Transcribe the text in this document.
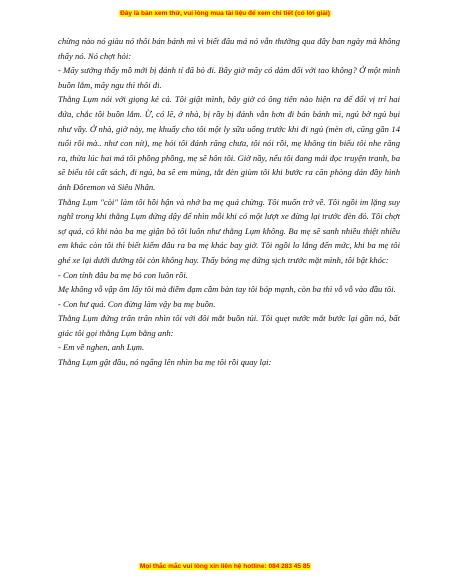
Đây là bản xem thử, vui lòng mua tài liệu để xem chi tiết (có lời giải)

chừng nào nó giàu nó thôi bán bánh mì vì biết đâu má nó vẫn thường qua đây ban ngày mà không thấy nó. Nó chợt hỏi:

- Mãy sướng thấy mồ mới bị đánh tí đã bỏ đi. Bây giờ mãy có dám đối với tao không? Ở một mình buồn lắm, mãy ngu thì thôi đi.

Thằng Lụm nói với giọng kẻ cả. Tôi giật mình, bây giờ có ông tiên nào hiện ra để đổi vị trí hai đứa, chắc tôi buồn lắm. Ừ, có lẽ, ở nhà, bị rầy bị đánh vẫn hơn đi bán bánh mì, ngủ bờ ngủ bụi như vầy. Ở nhà, giờ này, mẹ khuấy cho tôi một ly sữa uống trước khi đi ngủ (mèn ơi, cũng gần 14 tuổi rồi mà.. như con nít), mẹ hỏi tôi đánh răng chưa, tôi nói rồi, mẹ không tin biểu tôi nhe răng ra, thừa lúc hai má tôi phồng phồng, mẹ sẽ hôn tôi. Giờ nầy, nếu tôi đang mải đọc truyện tranh, ba sẽ biểu tôi cất sách, đi ngủ, ba sẽ em mùng, tắt đèn giùm tôi khi bước ra căn phòng dán đầy hình ảnh Đôremon và Siêu Nhân.

Thằng Lụm "còi" làm tôi hồi hận và nhớ ba mẹ quá chừng. Tôi muốn trở về. Tôi ngồi im lặng suy nghĩ trong khi thằng Lụm đứng dậy để nhìn mỗi khi có một lượt xe đừng lại trước đèn đỏ. Tôi chợt sợ quá, có khi nào ba mẹ giận bỏ tôi luôn như thằng Lụm không. Ba mẹ sẽ sanh nhiều thiệt nhiều em khác còn tôi thì biết kiếm đâu ra ba mẹ khác bay giờ. Tôi ngồi lo lắng đến mức, khi ba mẹ tôi ghé xe lại dưới đường tôi còn không hay. Thấy bóng mẹ đứng sịch trước mặt mình, tôi bật khóc:

- Con tính đâu ba mẹ bỏ con luôn rồi.

Mẹ không vỗ vập ôm lấy tôi mà điềm đạm cầm bàn tay tôi bóp mạnh, còn ba thì vỗ vỗ vào đầu tôi.

- Con hư quá. Con đừng làm vậy ba mẹ buồn.

Thằng Lụm đứng trân trân nhìn tôi với đôi mắt buồn tủi. Tôi quẹt nước mắt bước lại gần nó, bất giác tôi gọi thằng Lụm bằng anh:

- Em về nghen, anh Lụm.

Thằng Lụm gật đầu, nó ngẩng lên nhìn ba mẹ tôi rồi quay lại:

Mọi thắc mắc vui lòng xin liên hệ hotline: 084 283 45 85
